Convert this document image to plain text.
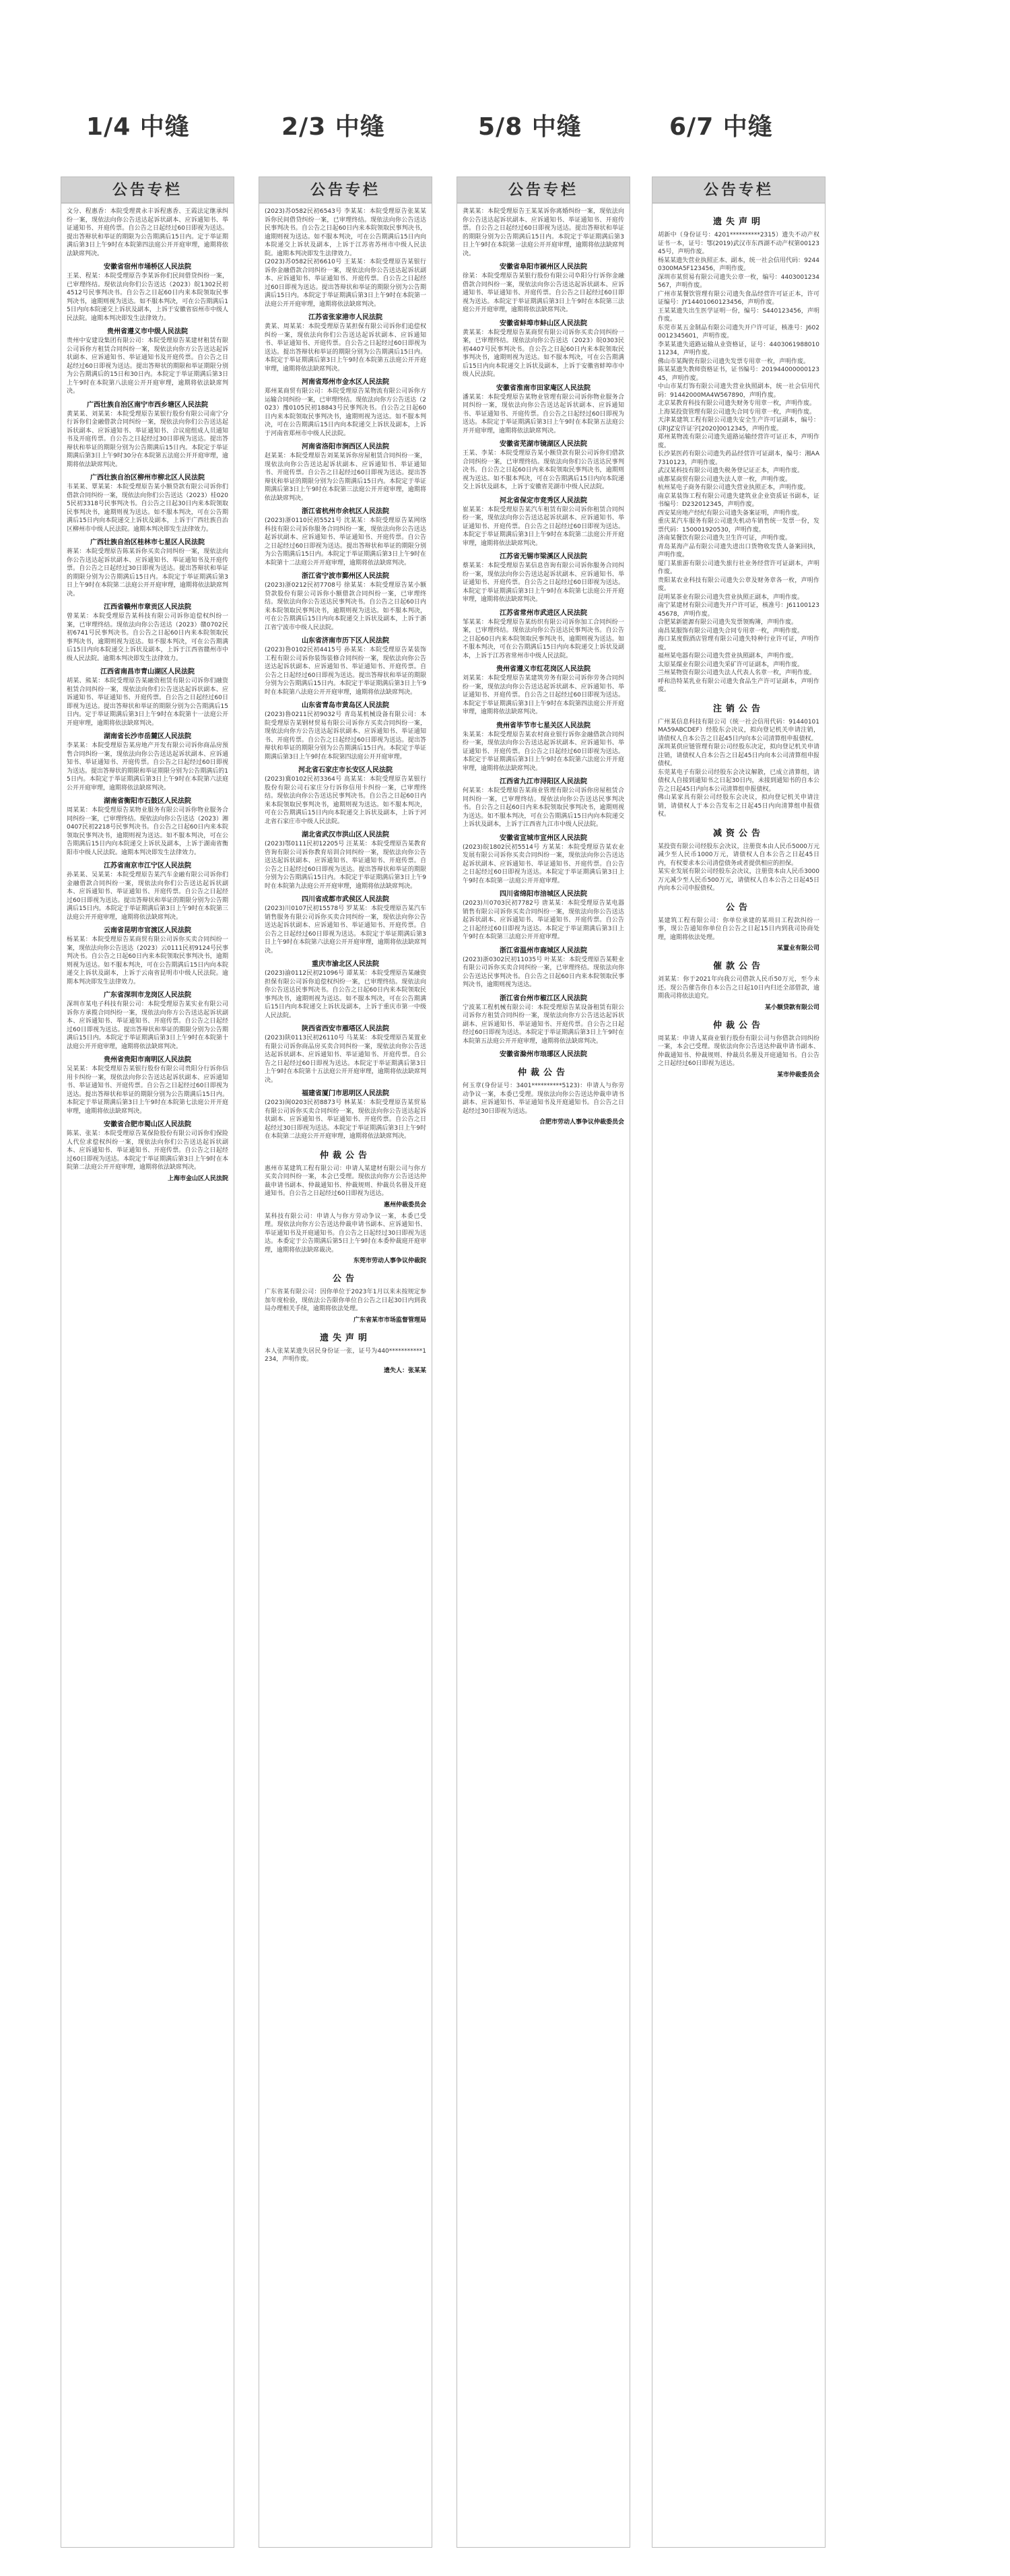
1/4 中缝	2/3 中缝	5/8 中缝	6/7 中缝
公告专栏
文分、程惠香：本院受理黄永丰诉程惠香、王霞法定继承纠纷一案，现依法向你公告送达起诉状副本、应诉通知书、举证通知书、开庭传票。自公告之日起经过60日即视为送达。提出答辩状和举证的期限为公告期满后15日内。定于举证期满后第3日上午9时在本院第四法庭公开开庭审理，逾期将依法缺席判决。
安徽省宿州市埇桥区人民法院
王某、程某：本院受理原告李某诉你们民间借贷纠纷一案，已审理终结。现依法向你们公告送达（2023）皖1302民初4512号民事判决书。自公告之日起60日内来本院领取民事判决书，逾期则视为送达。如不服本判决，可在公告期满后15日内向本院递交上诉状及副本，上诉于安徽省宿州市中级人民法院。逾期本判决即发生法律效力。
贵州省遵义市中级人民法院
贵州中安建设集团有限公司：本院受理原告某建材租赁有限公司诉你方租赁合同纠纷一案，现依法向你方公告送达起诉状副本、应诉通知书、举证通知书及开庭传票。自公告之日起经过60日即视为送达。提出答辩状的期限和举证期限分别为公告期满后的15日和30日内。本院定于举证期满后第3日上午9时在本院第八法庭公开开庭审理，逾期将依法缺席判决。
广西壮族自治区南宁市西乡塘区人民法院
黄某某、刘某某：本院受理原告某银行股份有限公司南宁分行诉你们金融借款合同纠纷一案，现依法向你们公告送达起诉状副本、应诉通知书、举证通知书、合议庭组成人员通知书及开庭传票。自公告之日起经过30日即视为送达。提出答辩状和举证的期限分别为公告期满后15日内。本院定于举证期满后第3日上午9时30分在本院第五法庭公开开庭审理，逾期将依法缺席判决。
广西壮族自治区柳州市柳北区人民法院
韦某某、覃某某：本院受理原告某小额贷款有限公司诉你们借款合同纠纷一案，现依法向你们公告送达（2023）桂0205民初3318号民事判决书。自公告之日起30日内来本院领取民事判决书，逾期则视为送达。如不服本判决，可在公告期满后15日内向本院递交上诉状及副本，上诉于广西壮族自治区柳州市中级人民法院。逾期本判决即发生法律效力。
广西壮族自治区桂林市七星区人民法院
蒋某：本院受理原告陈某诉你买卖合同纠纷一案，现依法向你公告送达起诉状副本、应诉通知书、举证通知书及开庭传票。自公告之日起经过30日即视为送达。提出答辩状和举证的期限分别为公告期满后15日内。本院定于举证期满后第3日上午9时在本院第二法庭公开开庭审理，逾期将依法缺席判决。
江西省赣州市章贡区人民法院
曾某某：本院受理原告某科技有限公司诉你追偿权纠纷一案，已审理终结。现依法向你公告送达（2023）赣0702民初6741号民事判决书。自公告之日起60日内来本院领取民事判决书，逾期则视为送达。如不服本判决，可在公告期满后15日内向本院递交上诉状及副本，上诉于江西省赣州市中级人民法院。逾期本判决即发生法律效力。
江西省南昌市青山湖区人民法院
胡某、熊某：本院受理原告某融资租赁有限公司诉你们融资租赁合同纠纷一案，现依法向你们公告送达起诉状副本、应诉通知书、举证通知书、开庭传票。自公告之日起经过60日即视为送达。提出答辩状和举证的期限分别为公告期满后15日内。定于举证期满后第3日上午9时在本院第十一法庭公开开庭审理，逾期将依法缺席判决。
湖南省长沙市岳麓区人民法院
李某某：本院受理原告某房地产开发有限公司诉你商品房预售合同纠纷一案，现依法向你公告送达起诉状副本、应诉通知书、举证通知书、开庭传票。自公告之日起经过60日即视为送达。提出答辩状的期限和举证期限分别为公告期满后的15日内。本院定于举证期满后第3日上午9时在本院第六法庭公开开庭审理，逾期将依法缺席判决。
湖南省衡阳市石鼓区人民法院
周某某：本院受理原告某物业服务有限公司诉你物业服务合同纠纷一案，已审理终结。现依法向你公告送达（2023）湘0407民初2218号民事判决书。自公告之日起60日内来本院领取民事判决书，逾期则视为送达。如不服本判决，可在公告期满后15日内向本院递交上诉状及副本，上诉于湖南省衡阳市中级人民法院。逾期本判决即发生法律效力。
江苏省南京市江宁区人民法院
孙某某、吴某某：本院受理原告某汽车金融有限公司诉你们金融借款合同纠纷一案，现依法向你们公告送达起诉状副本、应诉通知书、举证通知书、开庭传票。自公告之日起经过60日即视为送达。提出答辩状和举证的期限分别为公告期满后15日内。本院定于举证期满后第3日上午9时在本院第三法庭公开开庭审理，逾期将依法缺席判决。
云南省昆明市官渡区人民法院
杨某某：本院受理原告某商贸有限公司诉你买卖合同纠纷一案，现依法向你公告送达（2023）云0111民初9124号民事判决书。自公告之日起60日内来本院领取民事判决书，逾期则视为送达。如不服本判决，可在公告期满后15日内向本院递交上诉状及副本，上诉于云南省昆明市中级人民法院。逾期本判决即发生法律效力。
广东省深圳市龙岗区人民法院
深圳市某电子科技有限公司：本院受理原告某实业有限公司诉你方承揽合同纠纷一案，现依法向你方公告送达起诉状副本、应诉通知书、举证通知书、开庭传票。自公告之日起经过60日即视为送达。提出答辩状和举证的期限分别为公告期满后15日内。本院定于举证期满后第3日上午9时在本院第十法庭公开开庭审理，逾期将依法缺席判决。
贵州省贵阳市南明区人民法院
吴某某：本院受理原告某银行股份有限公司贵阳分行诉你信用卡纠纷一案，现依法向你公告送达起诉状副本、应诉通知书、举证通知书、开庭传票。自公告之日起经过60日即视为送达。提出答辩状和举证的期限分别为公告期满后15日内。本院定于举证期满后第3日上午9时在本院第七法庭公开开庭审理，逾期将依法缺席判决。
安徽省合肥市蜀山区人民法院
陈某、张某：本院受理原告某保险股份有限公司诉你们保险人代位求偿权纠纷一案，现依法向你们公告送达起诉状副本、应诉通知书、举证通知书、开庭传票。自公告之日起经过60日即视为送达。本院定于举证期满后第3日上午9时在本院第二法庭公开开庭审理，逾期将依法缺席判决。
上海市金山区人民法院
公告专栏
(2023)苏0582民初6543号 李某某：本院受理原告张某某诉你民间借贷纠纷一案，已审理终结。现依法向你公告送达民事判决书。自公告之日起60日内来本院领取民事判决书，逾期则视为送达。如不服本判决，可在公告期满后15日内向本院递交上诉状及副本，上诉于江苏省苏州市中级人民法院。逾期本判决即发生法律效力。
(2023)苏0582民初6610号 王某某：本院受理原告某银行诉你金融借款合同纠纷一案，现依法向你公告送达起诉状副本、应诉通知书、举证通知书、开庭传票。自公告之日起经过60日即视为送达。提出答辩状和举证的期限分别为公告期满后15日内。本院定于举证期满后第3日上午9时在本院第一法庭公开开庭审理，逾期将依法缺席判决。
江苏省张家港市人民法院
黄某、周某某：本院受理原告某担保有限公司诉你们追偿权纠纷一案，现依法向你们公告送达起诉状副本、应诉通知书、举证通知书、开庭传票。自公告之日起经过60日即视为送达。提出答辩状和举证的期限分别为公告期满后15日内。本院定于举证期满后第3日上午9时在本院第五法庭公开开庭审理，逾期将依法缺席判决。
河南省郑州市金水区人民法院
郑州某商贸有限公司：本院受理原告某物流有限公司诉你方运输合同纠纷一案，已审理终结。现依法向你方公告送达（2023）豫0105民初18843号民事判决书。自公告之日起60日内来本院领取民事判决书，逾期则视为送达。如不服本判决，可在公告期满后15日内向本院递交上诉状及副本，上诉于河南省郑州市中级人民法院。
河南省洛阳市涧西区人民法院
赵某某：本院受理原告刘某某诉你房屋租赁合同纠纷一案，现依法向你公告送达起诉状副本、应诉通知书、举证通知书、开庭传票。自公告之日起经过60日即视为送达。提出答辩状和举证的期限分别为公告期满后15日内。本院定于举证期满后第3日上午9时在本院第三法庭公开开庭审理，逾期将依法缺席判决。
浙江省杭州市余杭区人民法院
(2023)浙0110民初5521号 沈某某：本院受理原告某网络科技有限公司诉你服务合同纠纷一案，现依法向你公告送达起诉状副本、应诉通知书、举证通知书、开庭传票。自公告之日起经过60日即视为送达。提出答辩状和举证的期限分别为公告期满后15日内。本院定于举证期满后第3日上午9时在本院第十二法庭公开开庭审理，逾期将依法缺席判决。
浙江省宁波市鄞州区人民法院
(2023)浙0212民初7708号 徐某某：本院受理原告某小额贷款股份有限公司诉你小额借款合同纠纷一案，已审理终结。现依法向你公告送达民事判决书。自公告之日起60日内来本院领取民事判决书，逾期则视为送达。如不服本判决，可在公告期满后15日内向本院递交上诉状及副本，上诉于浙江省宁波市中级人民法院。
山东省济南市历下区人民法院
(2023)鲁0102民初4415号 孙某某：本院受理原告某装饰工程有限公司诉你装饰装修合同纠纷一案，现依法向你公告送达起诉状副本、应诉通知书、举证通知书、开庭传票。自公告之日起经过60日即视为送达。提出答辩状和举证的期限分别为公告期满后15日内。本院定于举证期满后第3日上午9时在本院第八法庭公开开庭审理，逾期将依法缺席判决。
山东省青岛市黄岛区人民法院
(2023)鲁0211民初9032号 青岛某机械设备有限公司：本院受理原告某钢材贸易有限公司诉你方买卖合同纠纷一案，现依法向你方公告送达起诉状副本、应诉通知书、举证通知书、开庭传票。自公告之日起经过60日即视为送达。提出答辩状和举证的期限分别为公告期满后15日内。本院定于举证期满后第3日上午9时在本院第四法庭公开开庭审理。
河北省石家庄市长安区人民法院
(2023)冀0102民初3364号 高某某：本院受理原告某银行股份有限公司石家庄分行诉你信用卡纠纷一案，已审理终结。现依法向你公告送达民事判决书。自公告之日起60日内来本院领取民事判决书，逾期则视为送达。如不服本判决，可在公告期满后15日内向本院递交上诉状及副本，上诉于河北省石家庄市中级人民法院。
湖北省武汉市洪山区人民法院
(2023)鄂0111民初12205号 汪某某：本院受理原告某教育咨询有限公司诉你教育培训合同纠纷一案，现依法向你公告送达起诉状副本、应诉通知书、举证通知书、开庭传票。自公告之日起经过60日即视为送达。提出答辩状和举证的期限分别为公告期满后15日内。本院定于举证期满后第3日上午9时在本院第九法庭公开开庭审理，逾期将依法缺席判决。
四川省成都市武侯区人民法院
(2023)川0107民初15578号 罗某某：本院受理原告某汽车销售服务有限公司诉你买卖合同纠纷一案，现依法向你公告送达起诉状副本、应诉通知书、举证通知书、开庭传票。自公告之日起经过60日即视为送达。本院定于举证期满后第3日上午9时在本院第六法庭公开开庭审理，逾期将依法缺席判决。
重庆市渝北区人民法院
(2023)渝0112民初21096号 谭某某：本院受理原告某融资担保有限公司诉你追偿权纠纷一案，已审理终结。现依法向你公告送达民事判决书。自公告之日起60日内来本院领取民事判决书，逾期则视为送达。如不服本判决，可在公告期满后15日内向本院递交上诉状及副本，上诉于重庆市第一中级人民法院。
陕西省西安市雁塔区人民法院
(2023)陕0113民初26110号 马某某：本院受理原告某置业有限公司诉你商品房买卖合同纠纷一案，现依法向你公告送达起诉状副本、应诉通知书、举证通知书、开庭传票。自公告之日起经过60日即视为送达。本院定于举证期满后第3日上午9时在本院第十五法庭公开开庭审理，逾期将依法缺席判决。
福建省厦门市思明区人民法院
(2023)闽0203民初8873号 林某某：本院受理原告某贸易有限公司诉你买卖合同纠纷一案，现依法向你公告送达起诉状副本、应诉通知书、举证通知书、开庭传票。自公告之日起经过30日即视为送达。本院定于举证期满后第3日上午9时在本院第二法庭公开开庭审理，逾期将依法缺席判决。
仲裁公告
惠州市某建筑工程有限公司：申请人某建材有限公司与你方买卖合同纠纷一案，本会已受理。现依法向你方公告送达仲裁申请书副本、仲裁通知书、仲裁规则、仲裁员名册及开庭通知书。自公告之日起经过60日即视为送达。
惠州仲裁委员会
某科技有限公司：申请人与你方劳动争议一案，本委已受理。现依法向你方公告送达仲裁申请书副本、应诉通知书、举证通知书及开庭通知书。自公告之日起经过30日即视为送达。本委定于公告期满后第5日上午9时在本委仲裁庭开庭审理，逾期将依法缺席裁决。
东莞市劳动人事争议仲裁院
公告
广东省某有限公司：因你单位于2023年1月以来未按规定参加年度检验，现依法公告限你单位自公告之日起30日内到我局办理相关手续，逾期将依法处理。
广东省某市市场监督管理局
遗失声明
本人张某某遗失居民身份证一张，证号为440***********1234，声明作废。
遗失人：张某某
公告专栏
龚某某：本院受理原告王某某诉你离婚纠纷一案，现依法向你公告送达起诉状副本、应诉通知书、举证通知书、开庭传票。自公告之日起经过60日即视为送达。提出答辩状和举证的期限分别为公告期满后15日内。本院定于举证期满后第3日上午9时在本院第一法庭公开开庭审理，逾期将依法缺席判决。
安徽省阜阳市颍州区人民法院
徐某：本院受理原告某银行股份有限公司阜阳分行诉你金融借款合同纠纷一案，现依法向你公告送达起诉状副本、应诉通知书、举证通知书、开庭传票。自公告之日起经过60日即视为送达。本院定于举证期满后第3日上午9时在本院第三法庭公开开庭审理，逾期将依法缺席判决。
安徽省蚌埠市蚌山区人民法院
黄某某：本院受理原告某商贸有限公司诉你买卖合同纠纷一案，已审理终结。现依法向你公告送达（2023）皖0303民初4407号民事判决书。自公告之日起60日内来本院领取民事判决书，逾期则视为送达。如不服本判决，可在公告期满后15日内向本院递交上诉状及副本，上诉于安徽省蚌埠市中级人民法院。
安徽省淮南市田家庵区人民法院
潘某某：本院受理原告某物业管理有限公司诉你物业服务合同纠纷一案，现依法向你公告送达起诉状副本、应诉通知书、举证通知书、开庭传票。自公告之日起经过60日即视为送达。本院定于举证期满后第3日上午9时在本院第五法庭公开开庭审理，逾期将依法缺席判决。
安徽省芜湖市镜湖区人民法院
王某、李某：本院受理原告某小额贷款有限公司诉你们借款合同纠纷一案，已审理终结。现依法向你们公告送达民事判决书。自公告之日起60日内来本院领取民事判决书，逾期则视为送达。如不服本判决，可在公告期满后15日内向本院递交上诉状及副本，上诉于安徽省芜湖市中级人民法院。
河北省保定市竞秀区人民法院
崔某某：本院受理原告某汽车租赁有限公司诉你租赁合同纠纷一案，现依法向你公告送达起诉状副本、应诉通知书、举证通知书、开庭传票。自公告之日起经过60日即视为送达。本院定于举证期满后第3日上午9时在本院第二法庭公开开庭审理，逾期将依法缺席判决。
江苏省无锡市梁溪区人民法院
蔡某某：本院受理原告某信息咨询有限公司诉你服务合同纠纷一案，现依法向你公告送达起诉状副本、应诉通知书、举证通知书、开庭传票。自公告之日起经过60日即视为送达。本院定于举证期满后第3日上午9时在本院第七法庭公开开庭审理，逾期将依法缺席判决。
江苏省常州市武进区人民法院
邹某某：本院受理原告某纺织有限公司诉你加工合同纠纷一案，已审理终结。现依法向你公告送达民事判决书。自公告之日起60日内来本院领取民事判决书，逾期则视为送达。如不服本判决，可在公告期满后15日内向本院递交上诉状及副本，上诉于江苏省常州市中级人民法院。
贵州省遵义市红花岗区人民法院
刘某某：本院受理原告某建筑劳务有限公司诉你劳务合同纠纷一案，现依法向你公告送达起诉状副本、应诉通知书、举证通知书、开庭传票。自公告之日起经过60日即视为送达。本院定于举证期满后第3日上午9时在本院第四法庭公开开庭审理，逾期将依法缺席判决。
贵州省毕节市七星关区人民法院
朱某某：本院受理原告某农村商业银行诉你金融借款合同纠纷一案，现依法向你公告送达起诉状副本、应诉通知书、举证通知书、开庭传票。自公告之日起经过60日即视为送达。本院定于举证期满后第3日上午9时在本院第六法庭公开开庭审理，逾期将依法缺席判决。
江西省九江市浔阳区人民法院
何某某：本院受理原告某商业管理有限公司诉你房屋租赁合同纠纷一案，已审理终结。现依法向你公告送达民事判决书。自公告之日起60日内来本院领取民事判决书，逾期则视为送达。如不服本判决，可在公告期满后15日内向本院递交上诉状及副本，上诉于江西省九江市中级人民法院。
安徽省宣城市宣州区人民法院
(2023)皖1802民初5514号 方某某：本院受理原告某农业发展有限公司诉你买卖合同纠纷一案，现依法向你公告送达起诉状副本、应诉通知书、举证通知书、开庭传票。自公告之日起经过60日即视为送达。本院定于举证期满后第3日上午9时在本院第一法庭公开开庭审理。
四川省绵阳市涪城区人民法院
(2023)川0703民初7782号 唐某某：本院受理原告某电器销售有限公司诉你买卖合同纠纷一案，现依法向你公告送达起诉状副本、应诉通知书、举证通知书、开庭传票。自公告之日起经过60日即视为送达。本院定于举证期满后第3日上午9时在本院第三法庭公开开庭审理。
浙江省温州市鹿城区人民法院
(2023)浙0302民初11035号 叶某某：本院受理原告某鞋业有限公司诉你买卖合同纠纷一案，已审理终结。现依法向你公告送达民事判决书。自公告之日起60日内来本院领取民事判决书，逾期则视为送达。
浙江省台州市椒江区人民法院
宁波某工程机械有限公司：本院受理原告某设备租赁有限公司诉你方租赁合同纠纷一案，现依法向你方公告送达起诉状副本、应诉通知书、举证通知书、开庭传票。自公告之日起经过60日即视为送达。本院定于举证期满后第3日上午9时在本院第五法庭公开开庭审理，逾期将依法缺席判决。
安徽省滁州市琅琊区人民法院
仲裁公告
何玉章(身份证号：3401**********5123)：申请人与你劳动争议一案，本委已受理。现依法向你公告送达仲裁申请书副本、应诉通知书、举证通知书及开庭通知书。自公告之日起经过30日即视为送达。
合肥市劳动人事争议仲裁委员会
公告专栏
遗失声明
胡新中（身份证号：4201**********2315）遗失不动产权证书一本，证号：鄂(2019)武汉市东西湖不动产权第0012345号，声明作废。
杨某某遗失营业执照正本、副本，统一社会信用代码：92440300MA5F123456，声明作废。
深圳市某贸易有限公司遗失公章一枚，编号：4403001234567，声明作废。
广州市某餐饮管理有限公司遗失食品经营许可证正本，许可证编号：JY14401060123456，声明作废。
王某某遗失出生医学证明一份，编号：S440123456，声明作废。
东莞市某五金制品有限公司遗失开户许可证，核准号：J6020012345601，声明作废。
李某某遗失道路运输从业资格证，证号：440306198801011234，声明作废。
佛山市某陶瓷有限公司遗失发票专用章一枚，声明作废。
陈某某遗失教师资格证书，证书编号：20194400000012345，声明作废。
中山市某灯饰有限公司遗失营业执照副本，统一社会信用代码：91442000MA4W567890，声明作废。
北京某教育科技有限公司遗失财务专用章一枚，声明作废。
上海某投资管理有限公司遗失合同专用章一枚，声明作废。
天津某建筑工程有限公司遗失安全生产许可证副本，编号：(津)JZ安许证字[2020]0012345，声明作废。
郑州某物流有限公司遗失道路运输经营许可证正本，声明作废。
长沙某医药有限公司遗失药品经营许可证副本，编号：湘AA7310123，声明作废。
武汉某科技有限公司遗失税务登记证正本，声明作废。
成都某商贸有限公司遗失法人章一枚，声明作废。
杭州某电子商务有限公司遗失营业执照正本，声明作废。
南京某装饰工程有限公司遗失建筑业企业资质证书副本，证书编号：D232012345，声明作废。
西安某房地产经纪有限公司遗失备案证明，声明作废。
重庆某汽车服务有限公司遗失机动车销售统一发票一份，发票代码：150001920530，声明作废。
济南某餐饮有限公司遗失卫生许可证，声明作废。
青岛某海产品有限公司遗失进出口货物收发货人备案回执，声明作废。
厦门某旅游有限公司遗失旅行社业务经营许可证副本，声明作废。
贵阳某农业科技有限公司遗失公章及财务章各一枚，声明作废。
昆明某茶业有限公司遗失营业执照正副本，声明作废。
南宁某建材有限公司遗失开户许可证，核准号：J6110012345678，声明作废。
合肥某新能源有限公司遗失发票领购簿，声明作废。
南昌某服饰有限公司遗失合同专用章一枚，声明作废。
海口某度假酒店管理有限公司遗失特种行业许可证，声明作废。
福州某电器有限公司遗失营业执照副本，声明作废。
太原某煤业有限公司遗失采矿许可证副本，声明作废。
兰州某物资有限公司遗失法人代表人名章一枚，声明作废。
呼和浩特某乳业有限公司遗失食品生产许可证副本，声明作废。
注销公告
广州某信息科技有限公司（统一社会信用代码：91440101MA59ABCDEF）经股东会决议，拟向登记机关申请注销，请债权人自本公告之日起45日内向本公司清算组申报债权。
深圳某供应链管理有限公司经股东决定，拟向登记机关申请注销，请债权人自本公告之日起45日内向本公司清算组申报债权。
东莞某电子有限公司经股东会决议解散，已成立清算组，请债权人自接到通知书之日起30日内，未接到通知书的自本公告之日起45日内向本公司清算组申报债权。
佛山某家具有限公司经股东会决议，拟向登记机关申请注销，请债权人于本公告发布之日起45日内向清算组申报债权。
减资公告
某投资有限公司经股东会决议，注册资本由人民币5000万元减少至人民币1000万元，请债权人自本公告之日起45日内，有权要求本公司清偿债务或者提供相应的担保。
某实业发展有限公司经股东会决议，注册资本由人民币3000万元减少至人民币500万元，请债权人自本公告之日起45日内向本公司申报债权。
公告
某建筑工程有限公司：你单位承建的某项目工程款纠纷一事，现公告通知你单位自公告之日起15日内到我司协商处理，逾期将依法处理。
某置业有限公司
催款公告
刘某某：你于2021年向我公司借款人民币50万元，至今未还。现公告催告你自本公告之日起10日内归还全部借款，逾期我司将依法追究。
某小额贷款有限公司
仲裁公告
周某某：申请人某商业银行股份有限公司与你借款合同纠纷一案，本会已受理。现依法向你公告送达仲裁申请书副本、仲裁通知书、仲裁规则、仲裁员名册及开庭通知书。自公告之日起经过60日即视为送达。
某市仲裁委员会
